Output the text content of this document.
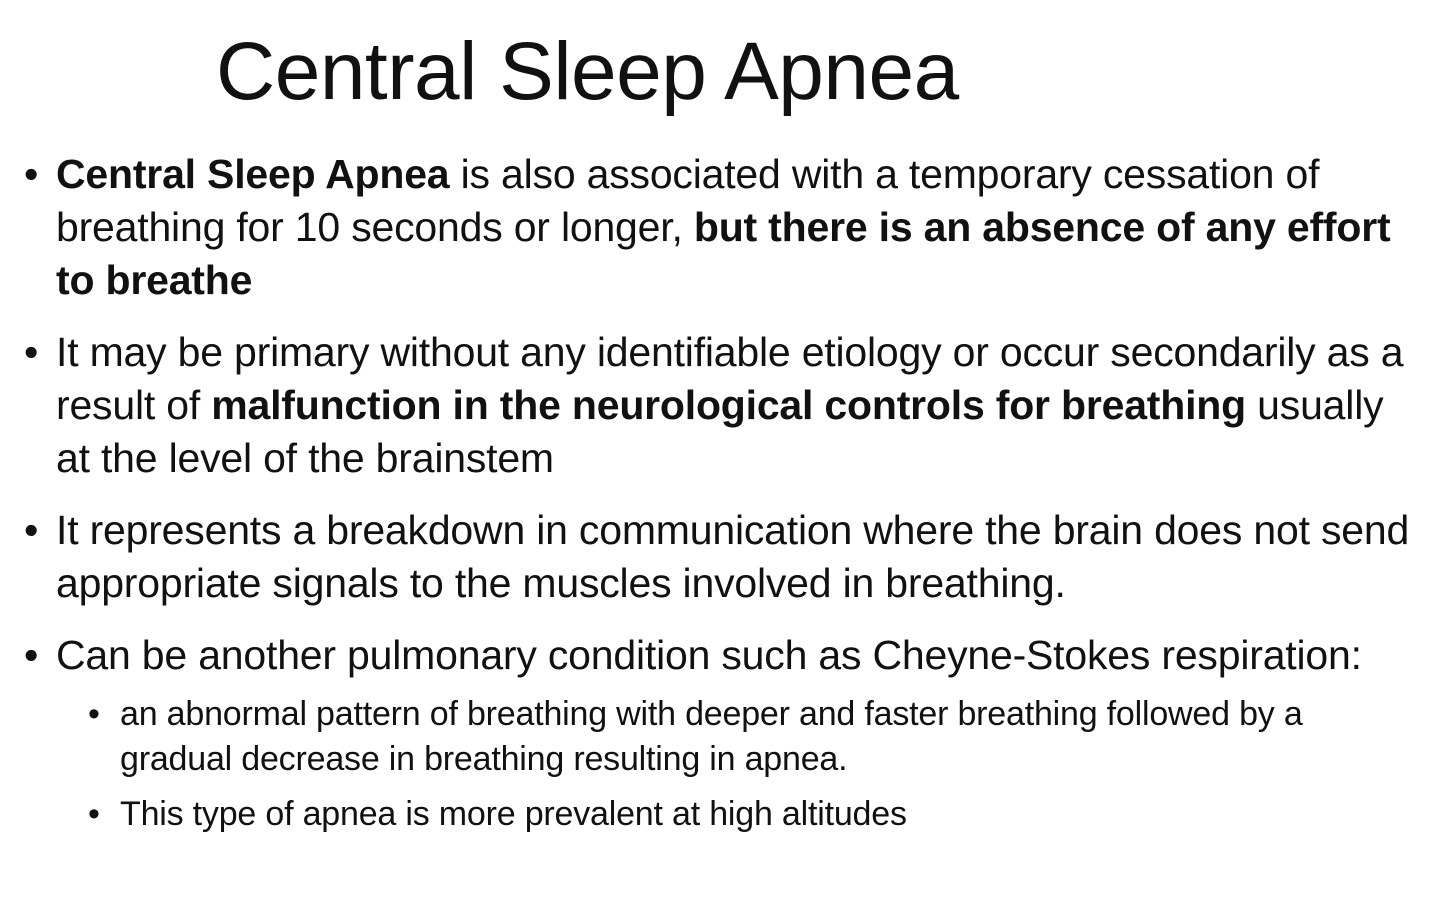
Central Sleep Apnea
• Central Sleep Apnea is also associated with a temporary cessation of breathing for 10 seconds or longer, but there is an absence of any effort to breathe
• It may be primary without any identifiable etiology or occur secondarily as a result of malfunction in the neurological controls for breathing usually at the level of the brainstem
• It represents a breakdown in communication where the brain does not send appropriate signals to the muscles involved in breathing.
• Can be another pulmonary condition such as Cheyne-Stokes respiration:
• an abnormal pattern of breathing with deeper and faster breathing followed by a gradual decrease in breathing resulting in apnea.
• This type of apnea is more prevalent at high altitudes
